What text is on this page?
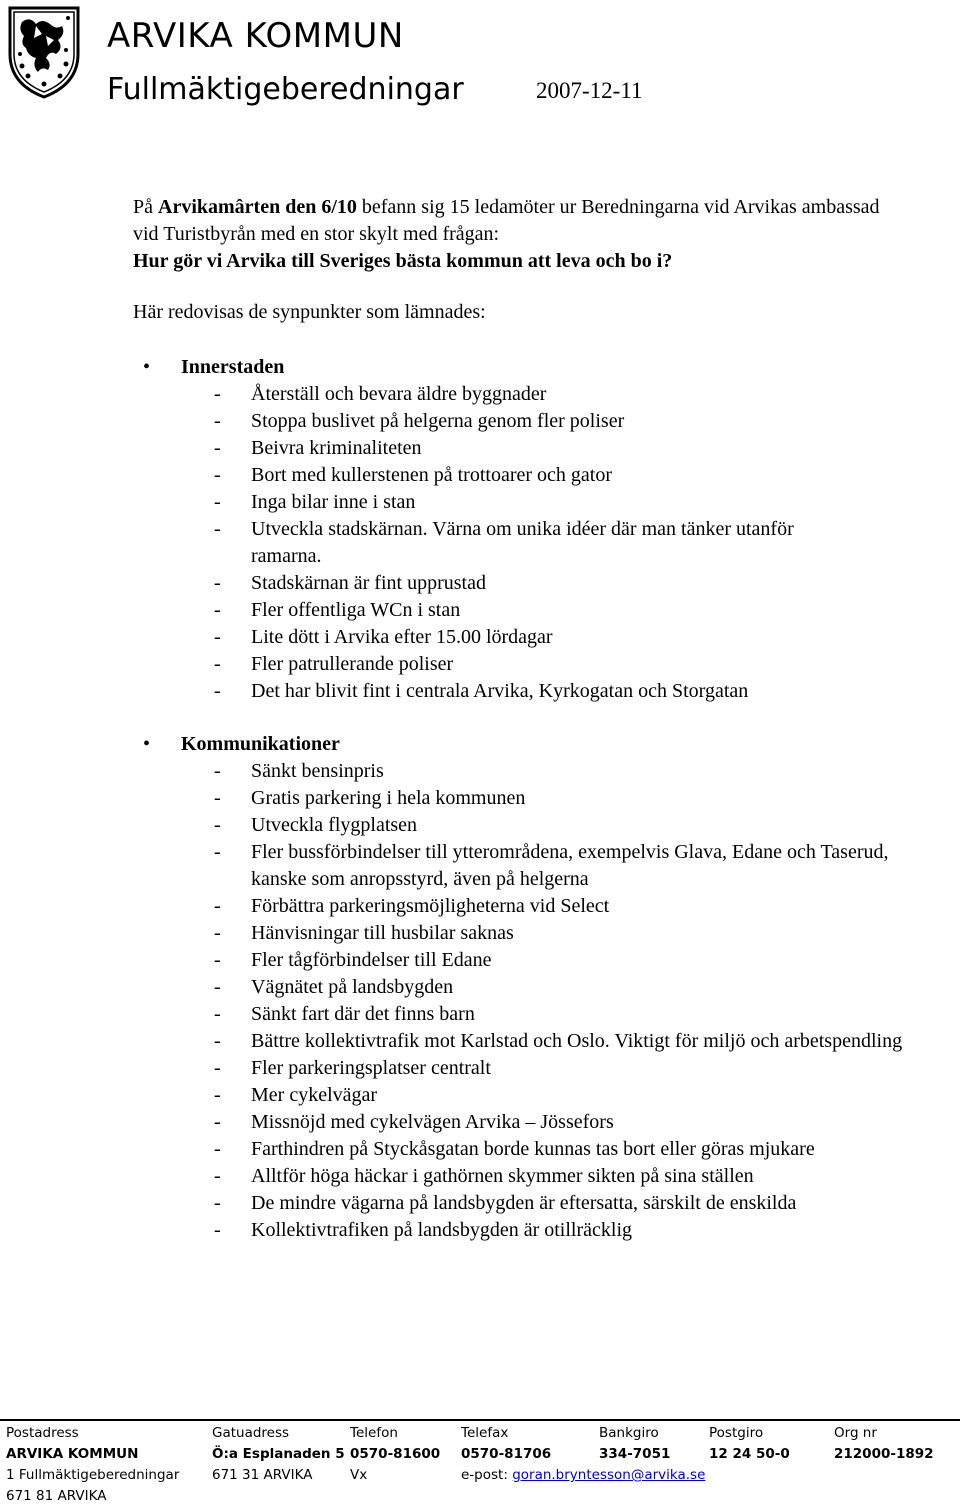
ARVIKA KOMMUN
Fullmäktigeberedningar	2007-12-11
På Arvikamârten den 6/10 befann sig 15 ledamöter ur Beredningarna vid Arvikas ambassad vid Turistbyrån med en stor skylt med frågan:
Hur gör vi Arvika till Sveriges bästa kommun att leva och bo i?
Här redovisas de synpunkter som lämnades:
• Innerstaden
- Återställ och bevara äldre byggnader
- Stoppa buslivet på helgerna genom fler poliser
- Beivra kriminaliteten
- Bort med kullerstenen på trottoarer och gator
- Inga bilar inne i stan
- Utveckla stadskärnan. Värna om unika idéer där man tänker utanför ramarna.
- Stadskärnan är fint upprustad
- Fler offentliga WCn i stan
- Lite dött i Arvika efter 15.00 lördagar
- Fler patrullerande poliser
- Det har blivit fint i centrala Arvika, Kyrkogatan och Storgatan
• Kommunikationer
- Sänkt bensinpris
- Gratis parkering i hela kommunen
- Utveckla flygplatsen
- Fler bussförbindelser till ytterområdena, exempelvis Glava, Edane och Taserud, kanske som anropsstyrd, även på helgerna
- Förbättra parkeringsmöjligheterna vid Select
- Hänvisningar till husbilar saknas
- Fler tågförbindelser till Edane
- Vägnätet på landsbygden
- Sänkt fart där det finns barn
- Bättre kollektivtrafik mot Karlstad och Oslo. Viktigt för miljö och arbetspendling
- Fler parkeringsplatser centralt
- Mer cykelvägar
- Missnöjd med cykelvägen Arvika – Jössefors
- Farthindren på Styckåsgatan borde kunnas tas bort eller göras mjukare
- Alltför höga häckar i gathörnen skymmer sikten på sina ställen
- De mindre vägarna på landsbygden är eftersatta, särskilt de enskilda
- Kollektivtrafiken på landsbygden är otillräcklig
Postadress
ARVIKA KOMMUN
1 Fullmäktigeberedningar
671 81 ARVIKA
Gatuadress
Ö:a Esplanaden 5
671 31 ARVIKA
Telefon
0570-81600
Vx
Telefax
0570-81706
e-post: goran.bryntesson@arvika.se
Bankgiro
334-7051
Postgiro
12 24 50-0
Org nr
212000-1892
